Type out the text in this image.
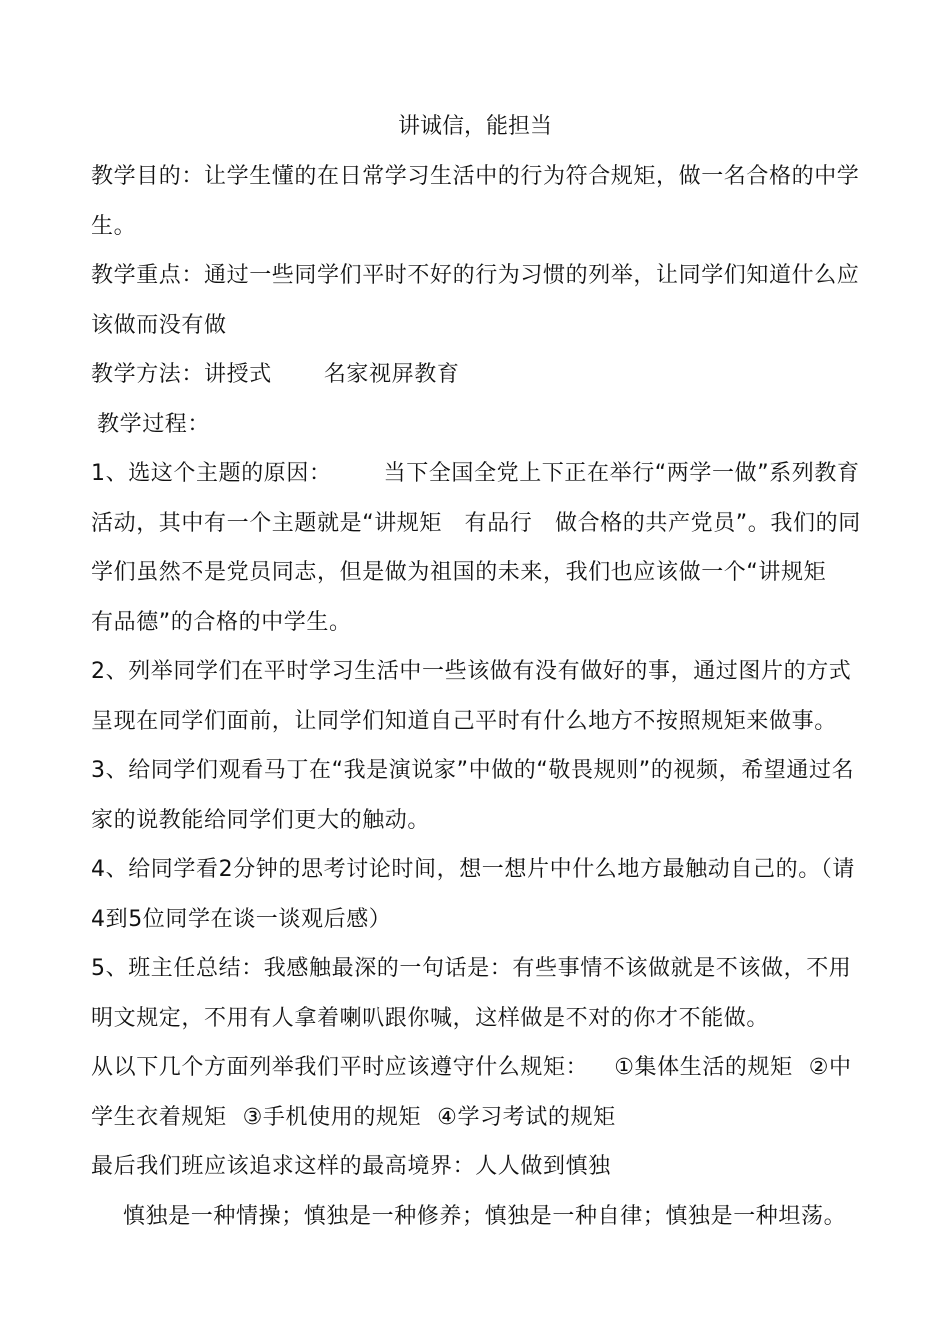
讲诚信，能担当

教学目的：让学生懂的在日常学习生活中的行为符合规矩，做一名合格的中学生。

教学重点：通过一些同学们平时不好的行为习惯的列举，让同学们知道什么应该做而没有做

教学方法：讲授式 名家视屏教育

教学过程：

1、选这个主题的原因： 当下全国全党上下正在举行“两学一做”系列教育活动，其中有一个主题就是“讲规矩　有品行　做合格的共产党员”。我们的同学们虽然不是党员同志，但是做为祖国的未来，我们也应该做一个“讲规矩　有品德”的合格的中学生。

2、列举同学们在平时学习生活中一些该做有没有做好的事，通过图片的方式呈现在同学们面前，让同学们知道自己平时有什么地方不按照规矩来做事。

3、给同学们观看马丁在“我是演说家”中做的“敬畏规则”的视频，希望通过名家的说教能给同学们更大的触动。

4、给同学看2分钟的思考讨论时间，想一想片中什么地方最触动自己的。（请4到5位同学在谈一谈观后感）

5、班主任总结：我感触最深的一句话是：有些事情不该做就是不该做，不用明文规定，不用有人拿着喇叭跟你喊，这样做是不对的你才不能做。

从以下几个方面列举我们平时应该遵守什么规矩： ①集体生活的规矩 ②中学生衣着规矩 ③手机使用的规矩 ④学习考试的规矩

最后我们班应该追求这样的最高境界：人人做到慎独

慎独是一种情操；慎独是一种修养；慎独是一种自律；慎独是一种坦荡。
